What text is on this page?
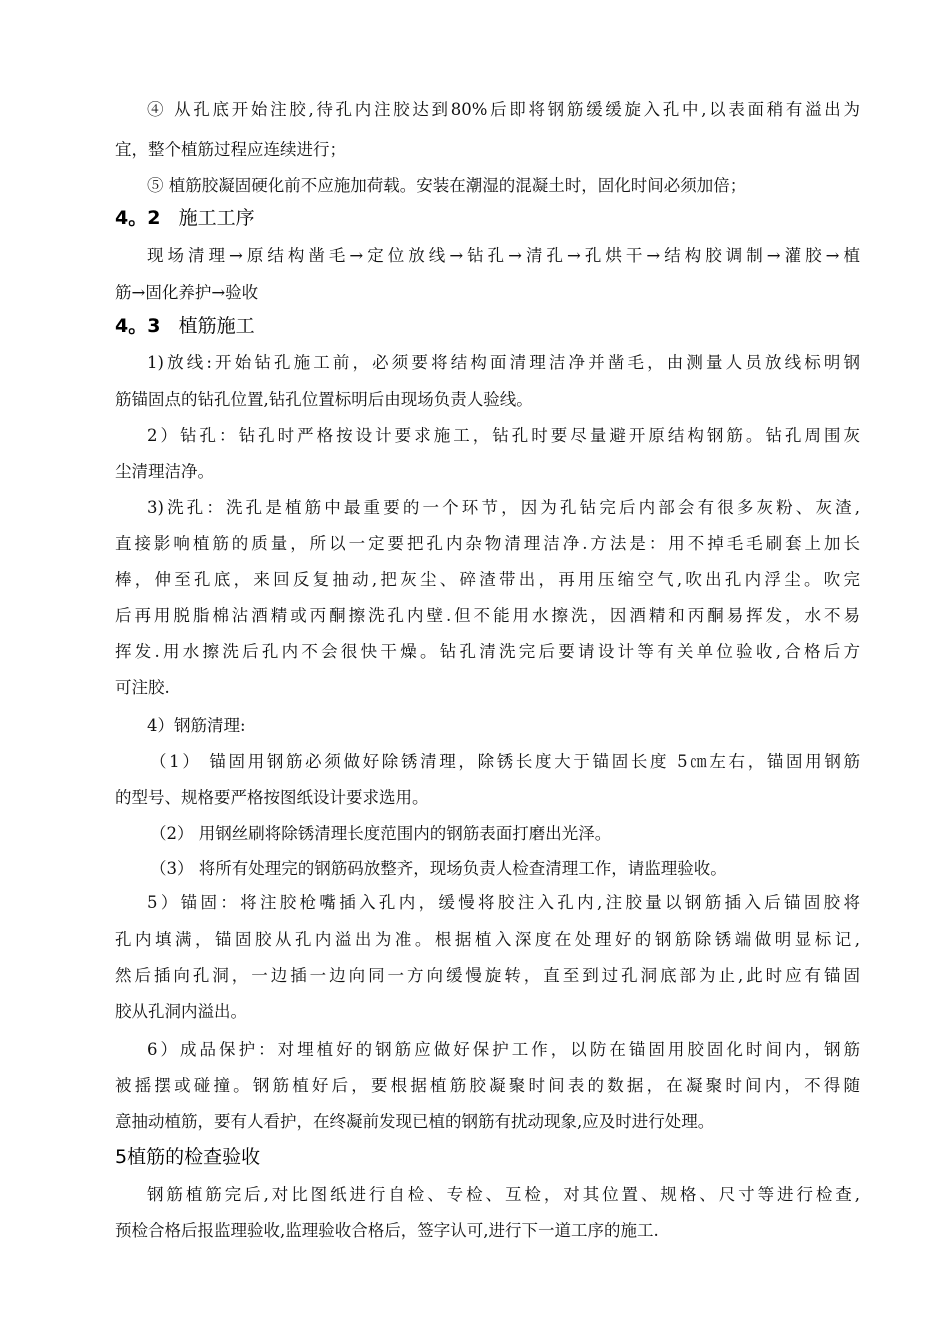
④ 从孔底开始注胶,待孔内注胶达到80%后即将钢筋缓缓旋入孔中,以表面稍有溢出为
宜，整个植筋过程应连续进行；
⑤ 植筋胶凝固硬化前不应施加荷载。安装在潮湿的混凝土时，固化时间必须加倍；
4。2 施工工序
现场清理→原结构凿毛→定位放线→钻孔→清孔→孔烘干→结构胶调制→灌胶→植
筋→固化养护→验收
4。3 植筋施工
1)放线:开始钻孔施工前，必须要将结构面清理洁净并凿毛，由测量人员放线标明钢
筋锚固点的钻孔位置,钻孔位置标明后由现场负责人验线。
2）钻孔：钻孔时严格按设计要求施工，钻孔时要尽量避开原结构钢筋。钻孔周围灰
尘清理洁净。
3)洗孔：洗孔是植筋中最重要的一个环节，因为孔钻完后内部会有很多灰粉、灰渣,
直接影响植筋的质量，所以一定要把孔内杂物清理洁净.方法是：用不掉毛毛刷套上加长
棒，伸至孔底，来回反复抽动,把灰尘、碎渣带出，再用压缩空气,吹出孔内浮尘。吹完
后再用脱脂棉沾酒精或丙酮擦洗孔内壁.但不能用水擦洗，因酒精和丙酮易挥发，水不易
挥发.用水擦洗后孔内不会很快干燥。钻孔清洗完后要请设计等有关单位验收,合格后方
可注胶.
4）钢筋清理:
（1） 锚固用钢筋必须做好除锈清理，除锈长度大于锚固长度 5㎝左右，锚固用钢筋
的型号、规格要严格按图纸设计要求选用。
（2） 用钢丝刷将除锈清理长度范围内的钢筋表面打磨出光泽。
（3） 将所有处理完的钢筋码放整齐，现场负责人检查清理工作，请监理验收。
5）锚固：将注胶枪嘴插入孔内，缓慢将胶注入孔内,注胶量以钢筋插入后锚固胶将
孔内填满，锚固胶从孔内溢出为准。根据植入深度在处理好的钢筋除锈端做明显标记,
然后插向孔洞，一边插一边向同一方向缓慢旋转，直至到过孔洞底部为止,此时应有锚固
胶从孔洞内溢出。
6）成品保护：对埋植好的钢筋应做好保护工作，以防在锚固用胶固化时间内，钢筋
被摇摆或碰撞。钢筋植好后，要根据植筋胶凝聚时间表的数据，在凝聚时间内，不得随
意抽动植筋，要有人看护，在终凝前发现已植的钢筋有扰动现象,应及时进行处理。
5植筋的检查验收
钢筋植筋完后,对比图纸进行自检、专检、互检，对其位置、规格、尺寸等进行检查,
预检合格后报监理验收,监理验收合格后，签字认可,进行下一道工序的施工.
